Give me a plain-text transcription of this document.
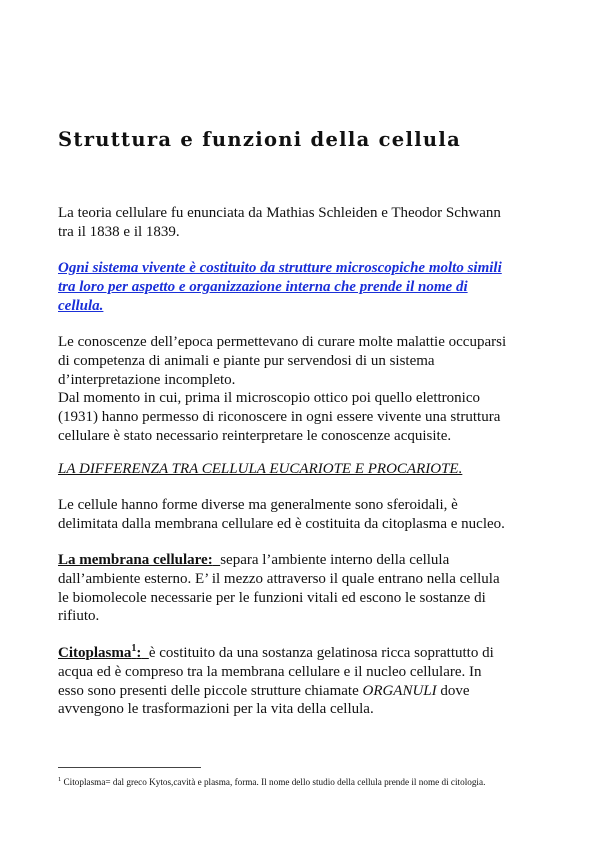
Struttura e funzioni della cellula
La teoria cellulare fu enunciata da Mathias Schleiden e Theodor Schwann
tra il 1838 e il 1839.
Ogni sistema vivente è costituito da strutture microscopiche molto simili
tra loro per aspetto e organizzazione interna che prende il nome di
cellula.
Le conoscenze dell’epoca permettevano di curare molte malattie occuparsi
di competenza di animali e piante pur servendosi di un sistema
d’interpretazione incompleto.
Dal momento in cui, prima il microscopio ottico poi quello elettronico
(1931) hanno permesso di riconoscere in ogni essere vivente una struttura
cellulare è stato necessario reinterpretare le conoscenze acquisite.
LA DIFFERENZA TRA CELLULA EUCARIOTE E PROCARIOTE.
Le cellule hanno forme diverse ma generalmente sono sferoidali, è
delimitata dalla membrana cellulare ed è costituita da citoplasma e nucleo.
La membrana cellulare: separa l’ambiente interno della cellula
dall’ambiente esterno. E’ il mezzo attraverso il quale entrano nella cellula
le biomolecole necessarie per le funzioni vitali ed escono le sostanze di
rifiuto.
Citoplasma$^1$: è costituito da una sostanza gelatinosa ricca soprattutto di
acqua ed è compreso tra la membrana cellulare e il nucleo cellulare. In
esso sono presenti delle piccole strutture chiamate ORGANULI dove
avvengono le trasformazioni per la vita della cellula.
$^1$ Citoplasma= dal greco Kytos,cavità e plasma, forma. Il nome dello studio della cellula prende il nome di citologia.
